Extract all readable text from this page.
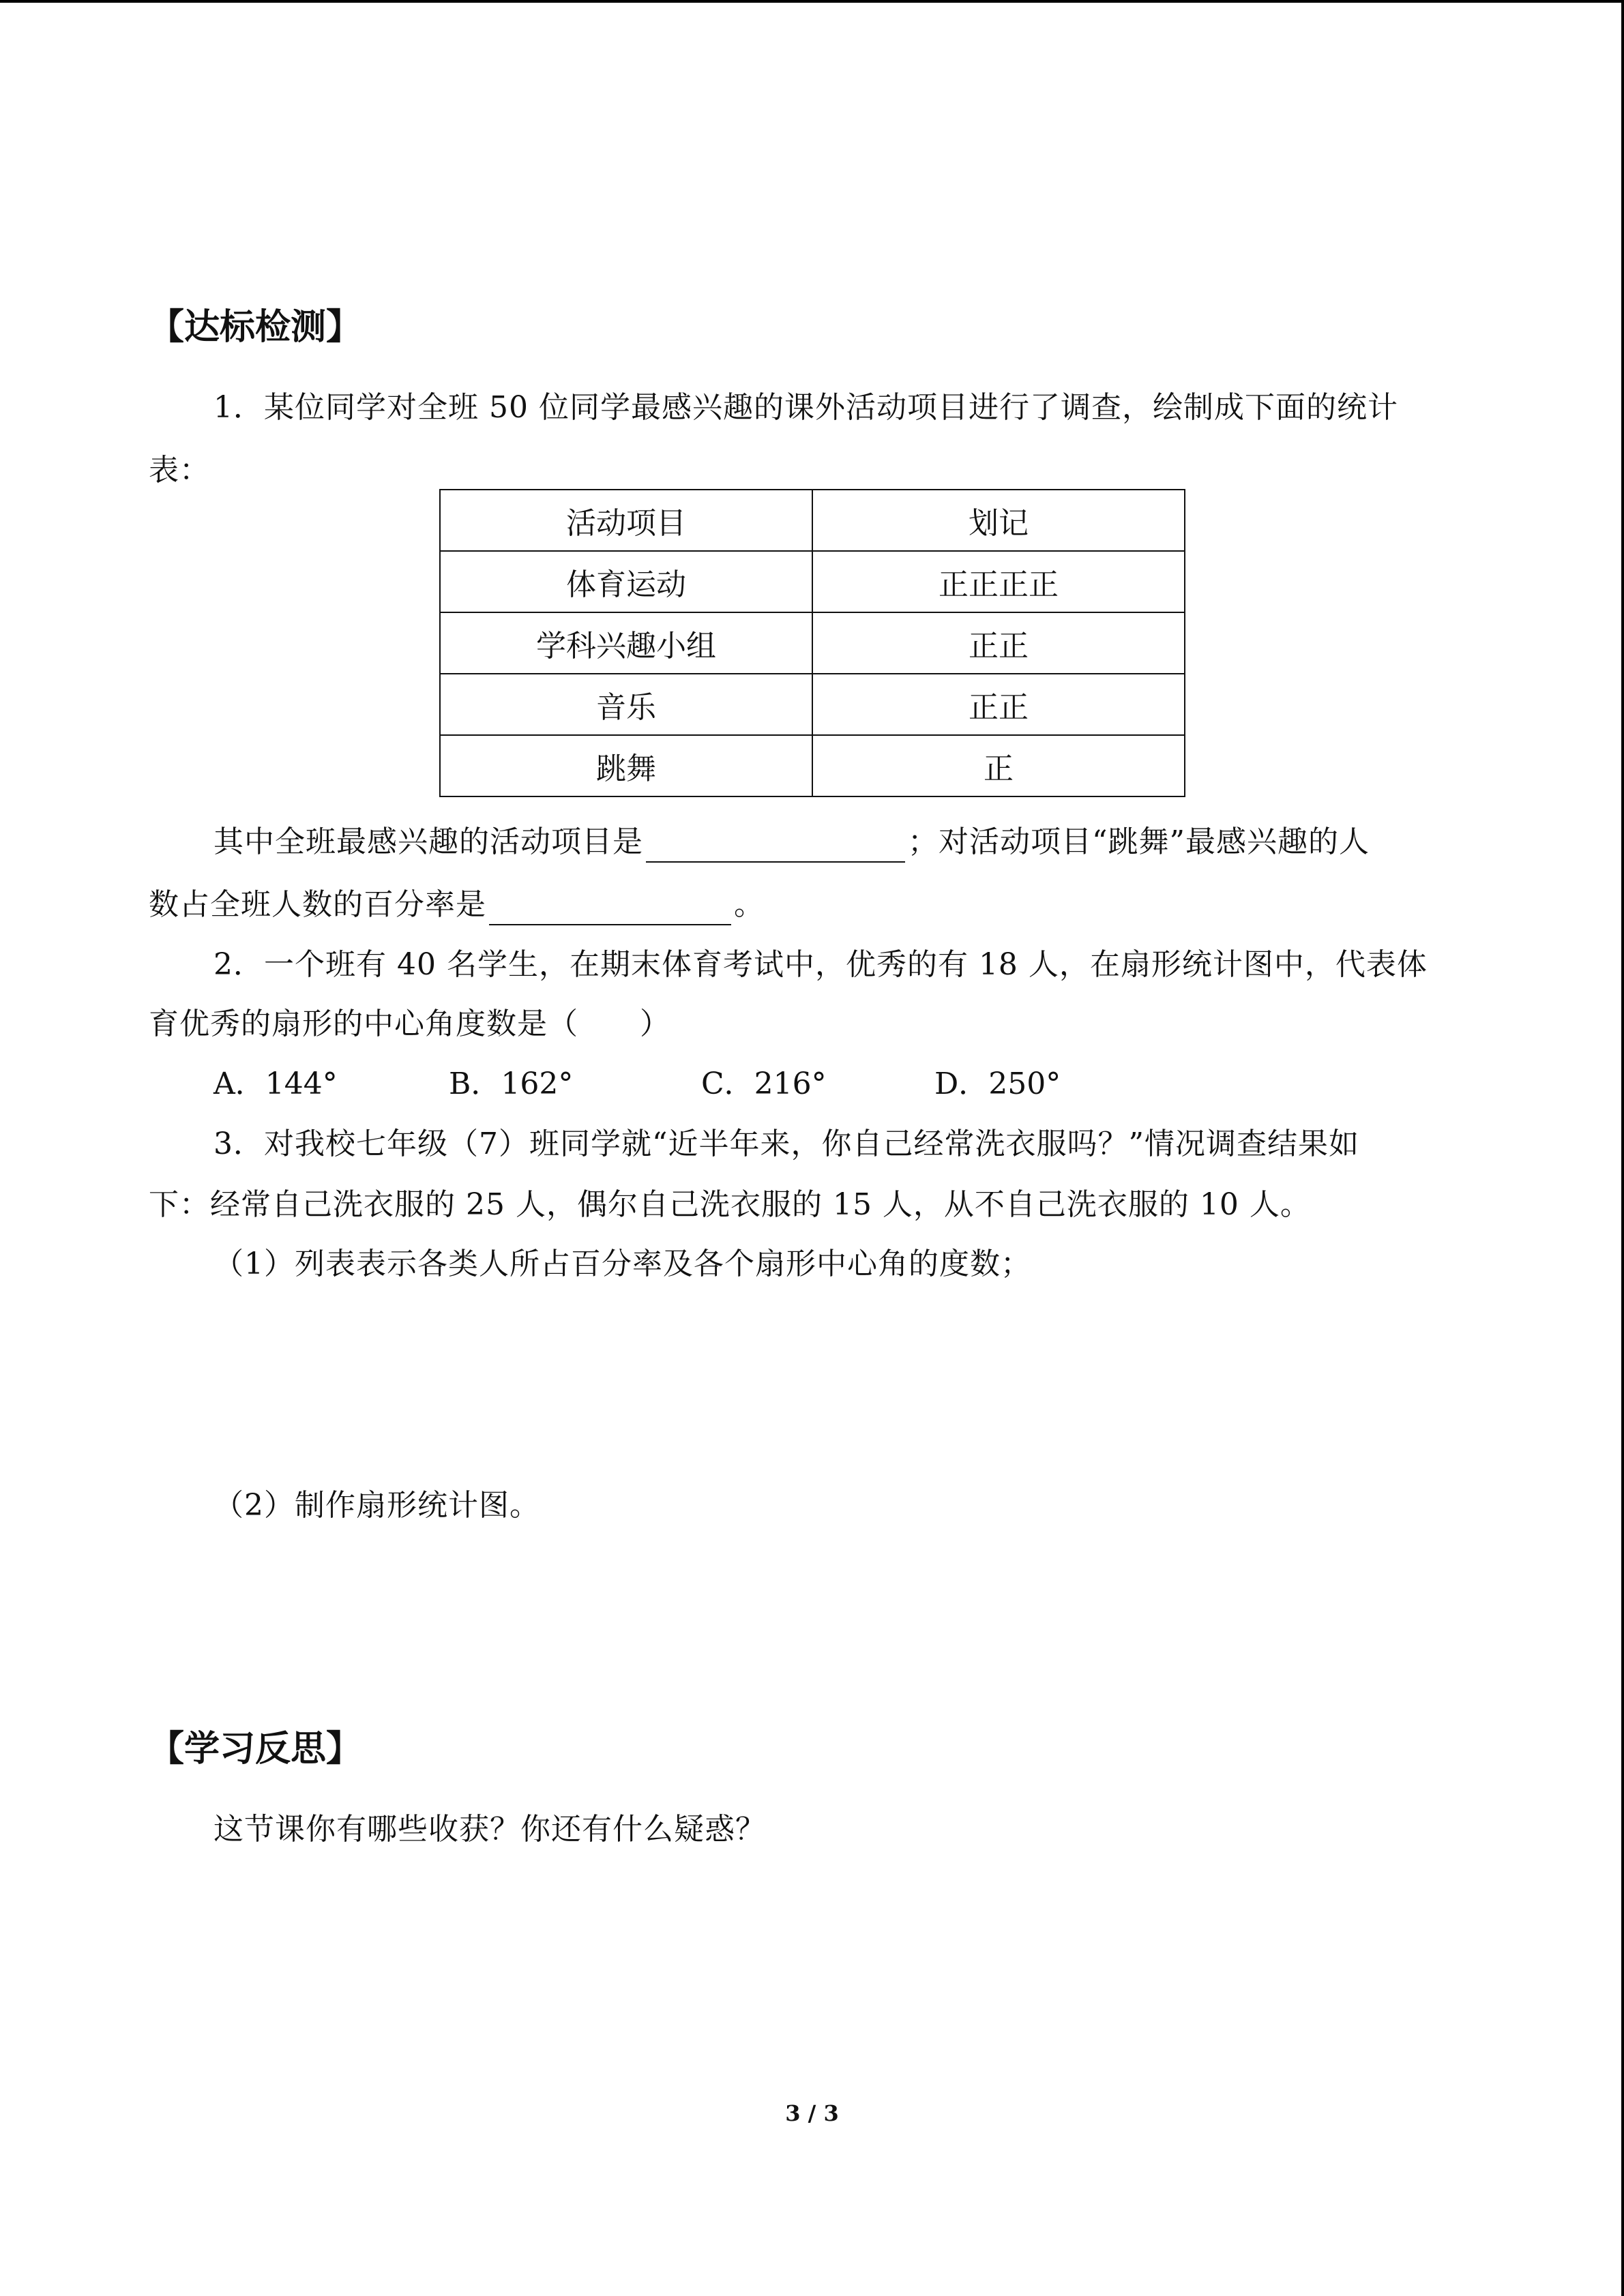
【达标检测】
1．某位同学对全班 50 位同学最感兴趣的课外活动项目进行了调查，绘制成下面的统计
表：
活动项目	划记
体育运动	正正正正
学科兴趣小组	正正
音乐	正正
跳舞	正
其中全班最感兴趣的活动项目是	；对活动项目“跳舞”最感兴趣的人
数占全班人数的百分率是	。
2．一个班有 40 名学生，在期末体育考试中，优秀的有 18 人，在扇形统计图中，代表体
育优秀的扇形的中心角度数是（　　）
A．144°	B．162°	C．216°	D．250°
3．对我校七年级（7）班同学就“近半年来，你自己经常洗衣服吗？”情况调查结果如
下：经常自己洗衣服的 25 人，偶尔自己洗衣服的 15 人，从不自己洗衣服的 10 人。
（1）列表表示各类人所占百分率及各个扇形中心角的度数；
（2）制作扇形统计图。
【学习反思】
这节课你有哪些收获？你还有什么疑惑？
3 / 3
